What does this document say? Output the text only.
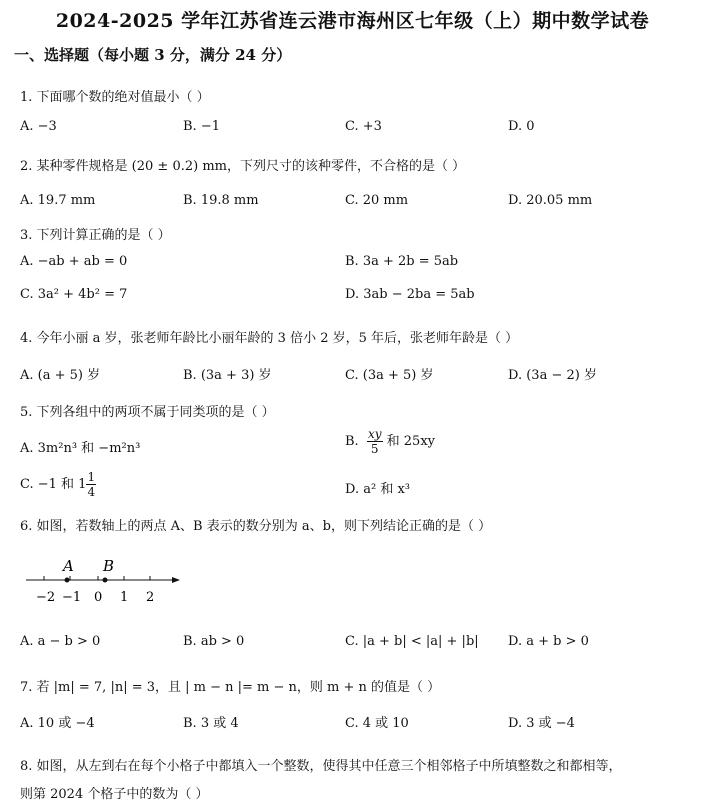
2024-2025 学年江苏省连云港市海州区七年级（上）期中数学试卷
一、选择题（每小题 3 分，满分 24 分）
1. 下面哪个数的绝对值最小（ ）
A. −3	B. −1	C. +3	D. 0
2. 某种零件规格是 (20 ± 0.2) mm，下列尺寸的该种零件，不合格的是（ ）
A. 19.7 mm	B. 19.8 mm	C. 20 mm	D. 20.05 mm
3. 下列计算正确的是（ ）
A. −ab + ab = 0	B. 3a + 2b = 5ab
C. 3a² + 4b² = 7	D. 3ab − 2ba = 5ab
4. 今年小丽 a 岁，张老师年龄比小丽年龄的 3 倍小 2 岁，5 年后，张老师年龄是（ ）
A. (a + 5) 岁	B. (3a + 3) 岁	C. (3a + 5) 岁	D. (3a − 2) 岁
5. 下列各组中的两项不属于同类项的是（ ）
A. 3m²n³ 和 −m²n³	B. $\frac{xy}{5}$ 和 25xy
C. −1 和 $1 \frac{1}{4}$	D. a² 和 x³
6. 如图，若数轴上的两点 A、B 表示的数分别为 a、b，则下列结论正确的是（ ）
A B
−2 −1 0 1 2
A. a − b > 0	B. ab > 0	C. |a + b| < |a| + |b| D. a + b > 0
7. 若 |m| = 7, |n| = 3，且 | m − n |= m − n，则 m + n 的值是（ ）
A. 10 或 −4	B. 3 或 4	C. 4 或 10	D. 3 或 −4
8. 如图，从左到右在每个小格子中都填入一个整数，使得其中任意三个相邻格子中所填整数之和都相等，
则第 2024 个格子中的数为（ ）
